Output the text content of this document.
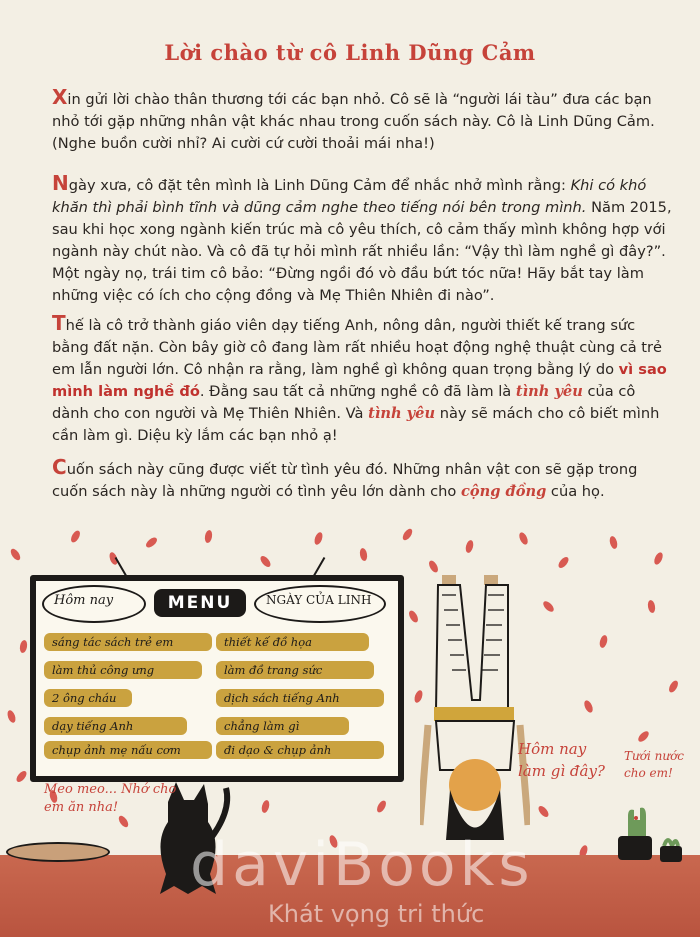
Lời chào từ cô Linh Dũng Cảm
Xin gửi lời chào thân thương tới các bạn nhỏ. Cô sẽ là “người lái tàu” đưa các bạn nhỏ tới gặp những nhân vật khác nhau trong cuốn sách này. Cô là Linh Dũng Cảm. (Nghe buồn cười nhỉ? Ai cười cứ cười thoải mái nha!)
Ngày xưa, cô đặt tên mình là Linh Dũng Cảm để nhắc nhở mình rằng: Khi có khó khăn thì phải bình tĩnh và dũng cảm nghe theo tiếng nói bên trong mình. Năm 2015, sau khi học xong ngành kiến trúc mà cô yêu thích, cô cảm thấy mình không hợp với ngành này chút nào. Và cô đã tự hỏi mình rất nhiều lần: “Vậy thì làm nghề gì đây?”. Một ngày nọ, trái tim cô bảo: “Đừng ngồi đó vò đầu bứt tóc nữa! Hãy bắt tay làm những việc có ích cho cộng đồng và Mẹ Thiên Nhiên đi nào”.
Thế là cô trở thành giáo viên dạy tiếng Anh, nông dân, người thiết kế trang sức bằng đất nặn. Còn bây giờ cô đang làm rất nhiều hoạt động nghệ thuật cùng cả trẻ em lẫn người lớn. Cô nhận ra rằng, làm nghề gì không quan trọng bằng lý do vì sao mình làm nghề đó. Đằng sau tất cả những nghề cô đã làm là tình yêu của cô dành cho con người và Mẹ Thiên Nhiên. Và tình yêu này sẽ mách cho cô biết mình cần làm gì. Diệu kỳ lắm các bạn nhỏ ạ!
Cuốn sách này cũng được viết từ tình yêu đó. Những nhân vật con sẽ gặp trong cuốn sách này là những người có tình yêu lớn dành cho cộng đồng của họ.
Hôm nay	MENU	NGÀY CỦA LINH
sáng tác sách trẻ em
làm thủ công ưng
2 ông cháu
dạy tiếng Anh
chụp ảnh mẹ nấu cơm
thiết kế đồ họa
làm đồ trang sức
dịch sách tiếng Anh
chẳng làm gì
đi dạo & chụp ảnh
Meo meo... Nhớ cho em ăn nha!
Hôm nay làm gì đây?
Tưới nước cho em!
daviBooks
Khát vọng tri thức
